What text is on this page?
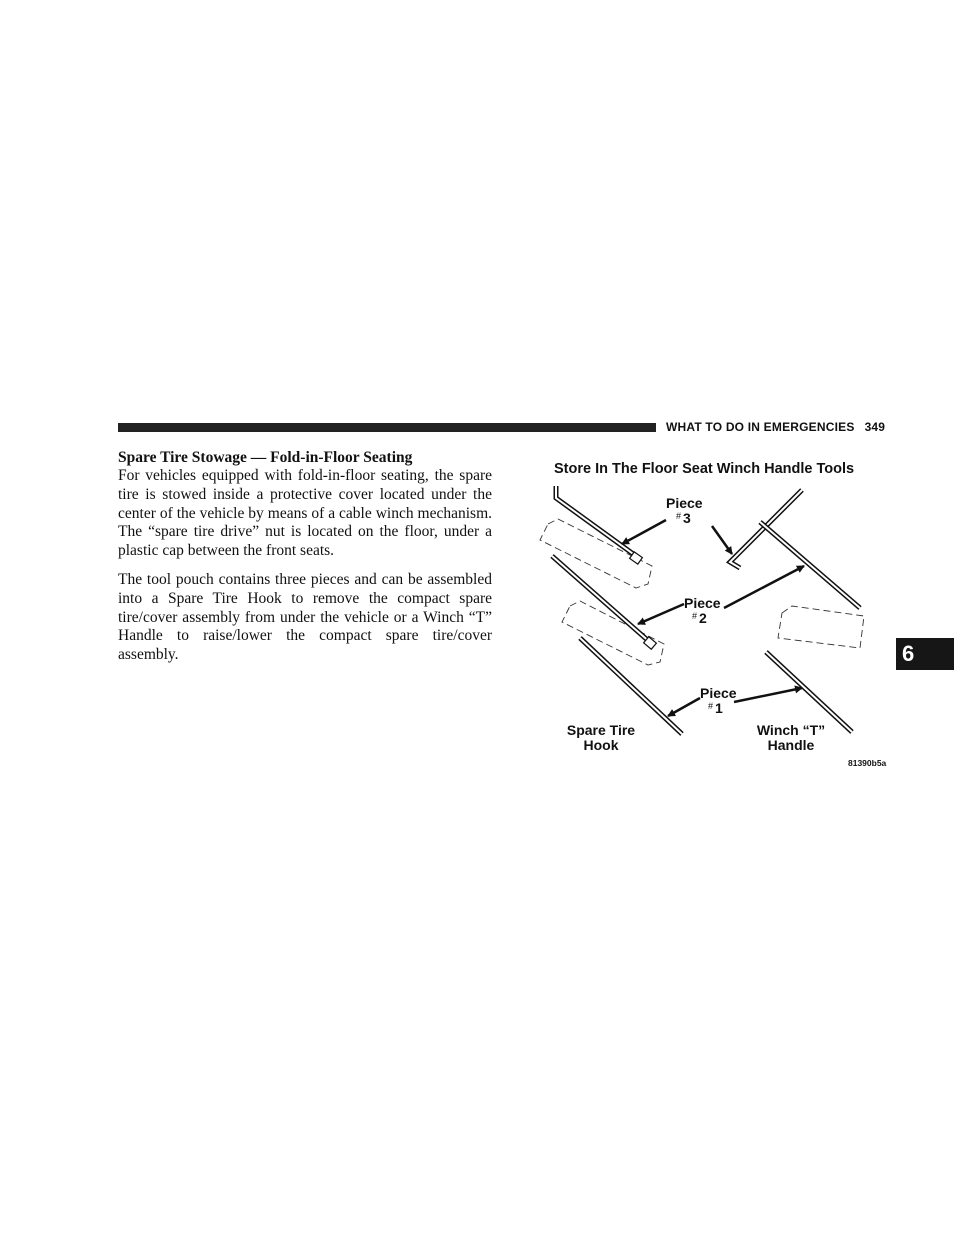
WHAT TO DO IN EMERGENCIES 349
Spare Tire Stowage — Fold-in-Floor Seating

For vehicles equipped with fold-in-floor seating, the spare tire is stowed inside a protective cover located under the center of the vehicle by means of a cable winch mechanism. The “spare tire drive” nut is located on the floor, under a plastic cap between the front seats.

The tool pouch contains three pieces and can be assembled into a Spare Tire Hook to remove the compact spare tire/cover assembly from under the vehicle or a Winch “T” Handle to raise/lower the compact spare tire/cover assembly.

Store In The Floor Seat Winch Handle Tools
Piece
# 3
Piece
# 2
Piece
# 1
Spare Tire
Hook
Winch “T”
Handle
81390b5a
6
